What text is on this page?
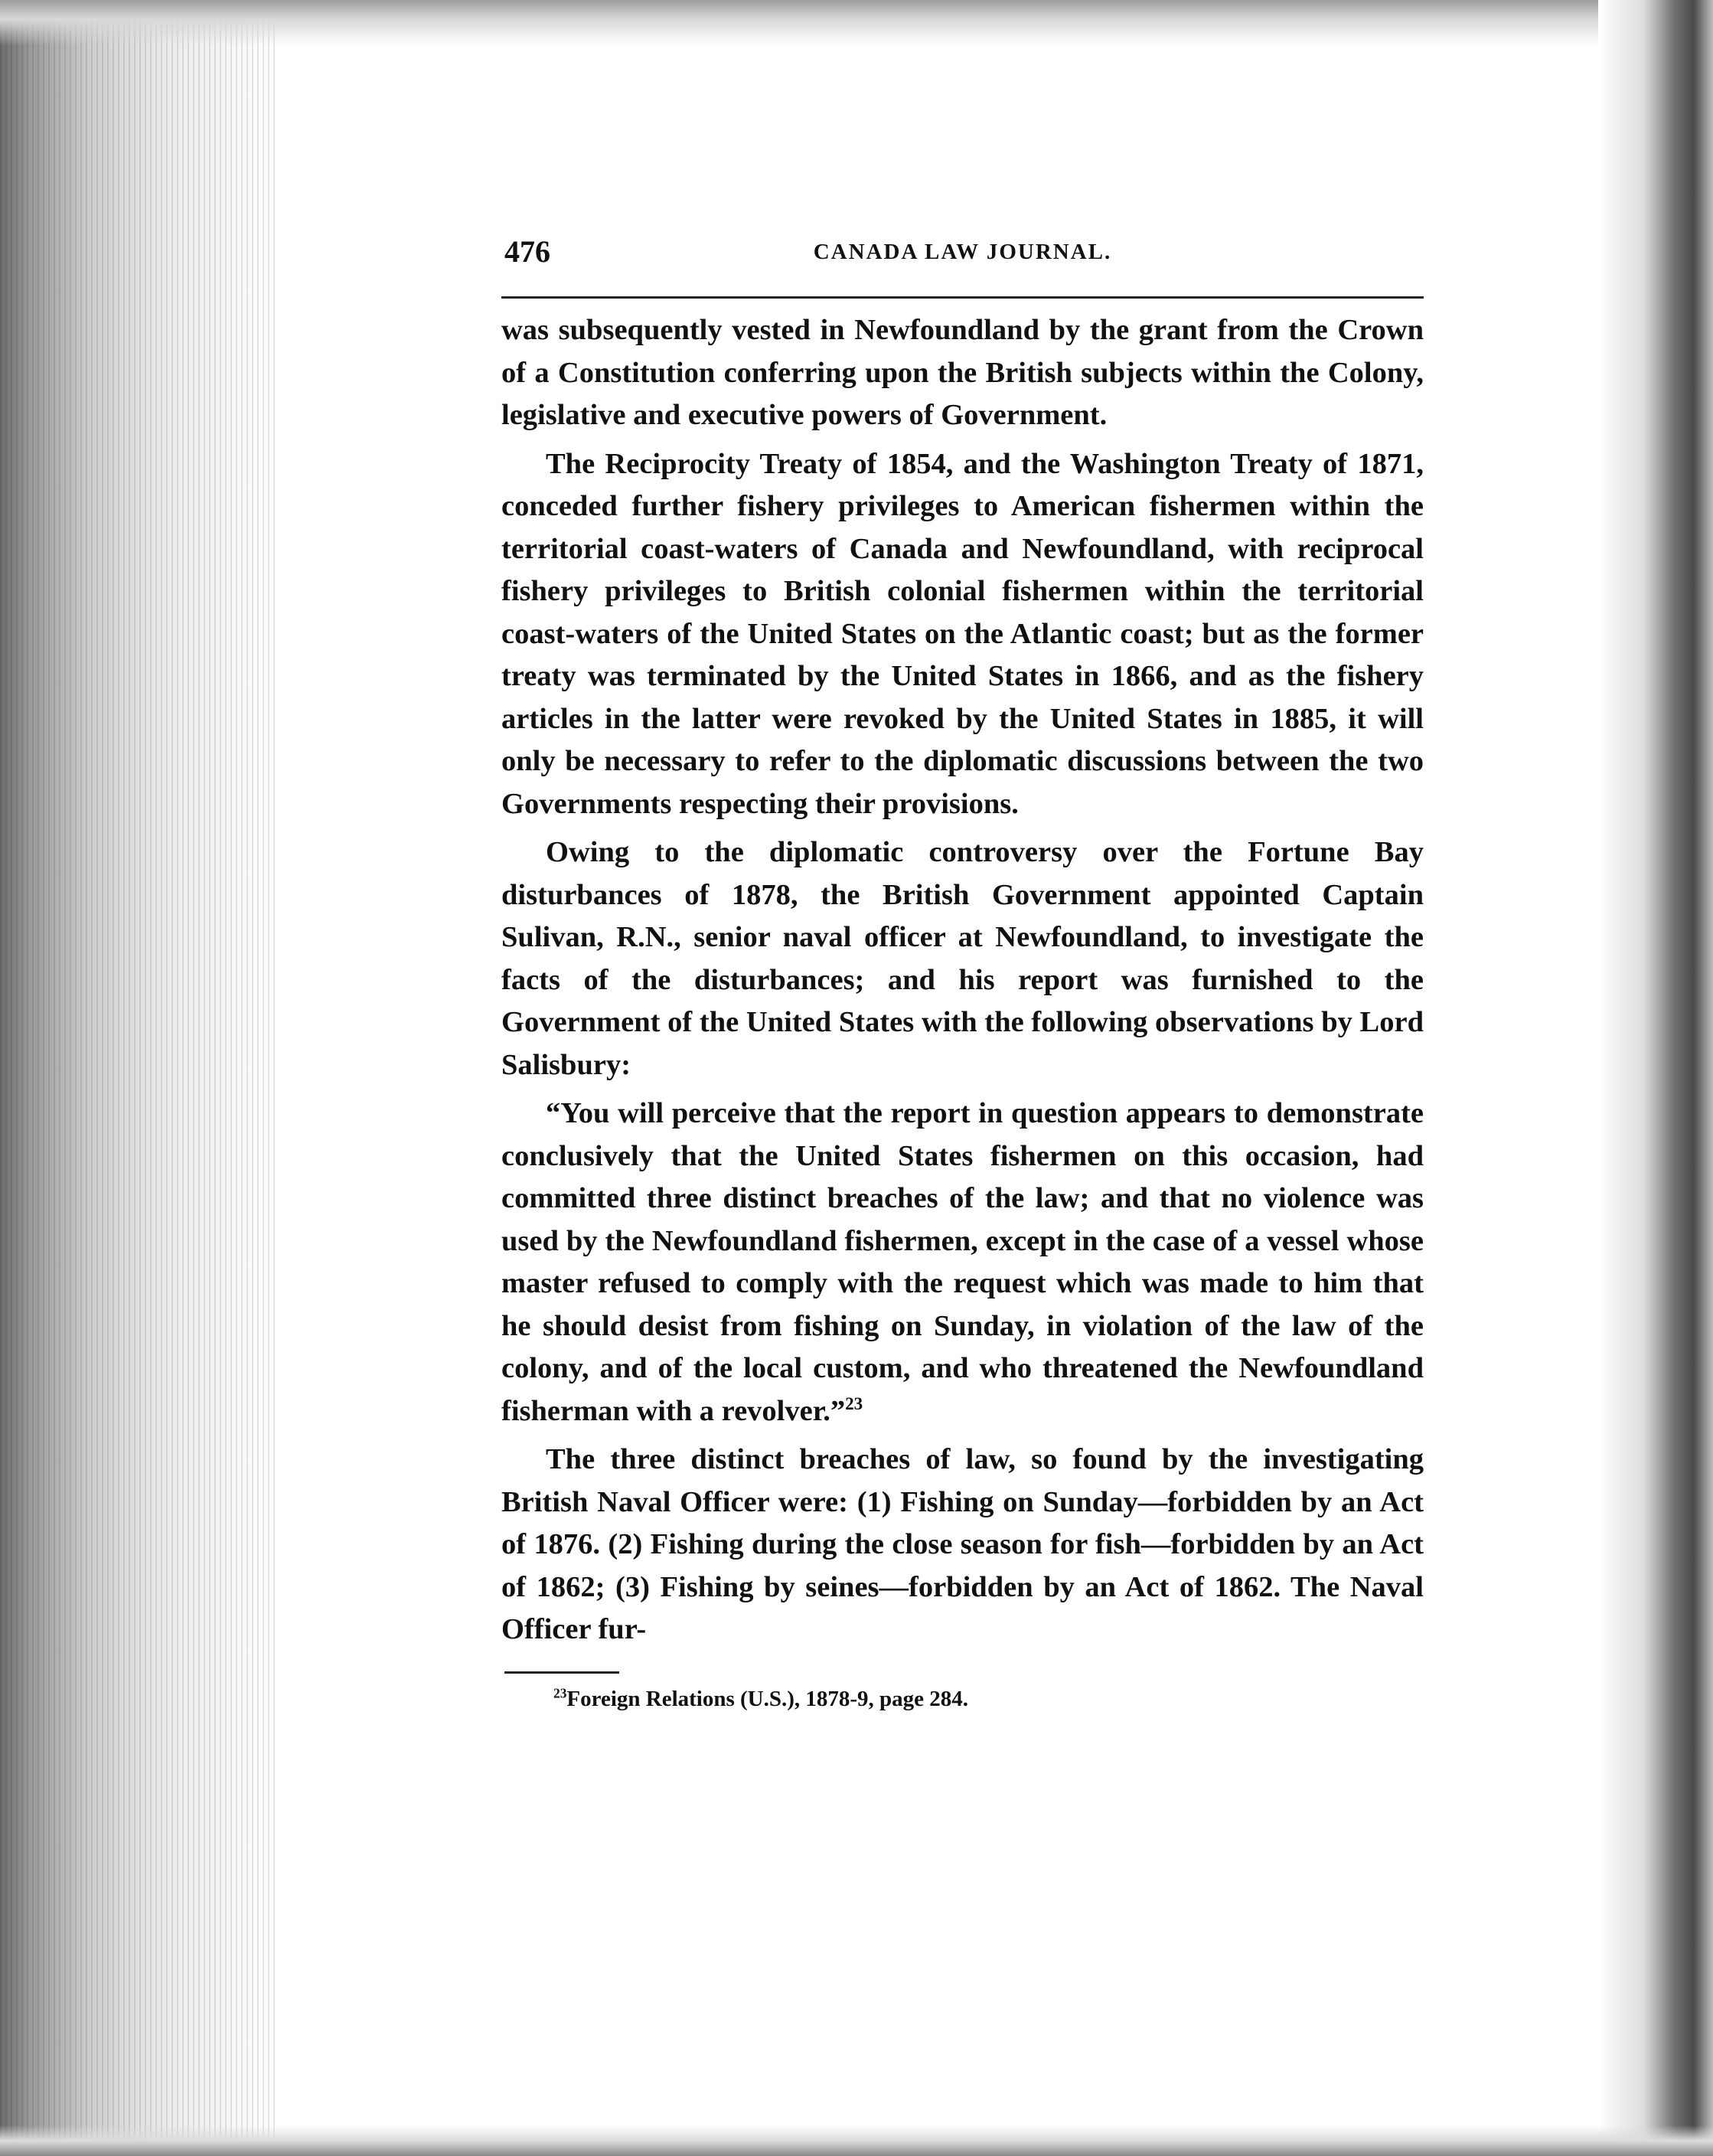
476	CANADA LAW JOURNAL.

was subsequently vested in Newfoundland by the grant from the Crown of a Constitution conferring upon the British subjects within the Colony, legislative and executive powers of Government.

The Reciprocity Treaty of 1854, and the Washington Treaty of 1871, conceded further fishery privileges to American fishermen within the territorial coast-waters of Canada and Newfoundland, with reciprocal fishery privileges to British colonial fishermen within the territorial coast-waters of the United States on the Atlantic coast; but as the former treaty was terminated by the United States in 1866, and as the fishery articles in the latter were revoked by the United States in 1885, it will only be necessary to refer to the diplomatic discussions between the two Governments respecting their provisions.

Owing to the diplomatic controversy over the Fortune Bay disturbances of 1878, the British Government appointed Captain Sulivan, R.N., senior naval officer at Newfoundland, to investigate the facts of the disturbances; and his report was furnished to the Government of the United States with the following observations by Lord Salisbury:

“You will perceive that the report in question appears to demonstrate conclusively that the United States fishermen on this occasion, had committed three distinct breaches of the law; and that no violence was used by the Newfoundland fishermen, except in the case of a vessel whose master refused to comply with the request which was made to him that he should desist from fishing on Sunday, in violation of the law of the colony, and of the local custom, and who threatened the Newfoundland fisherman with a revolver.”$^{23}$

The three distinct breaches of law, so found by the investigating British Naval Officer were: (1) Fishing on Sunday—forbidden by an Act of 1876. (2) Fishing during the close season for fish—forbidden by an Act of 1862; (3) Fishing by seines—forbidden by an Act of 1862. The Naval Officer fur-

$^{23}$Foreign Relations (U.S.), 1878-9, page 284.
